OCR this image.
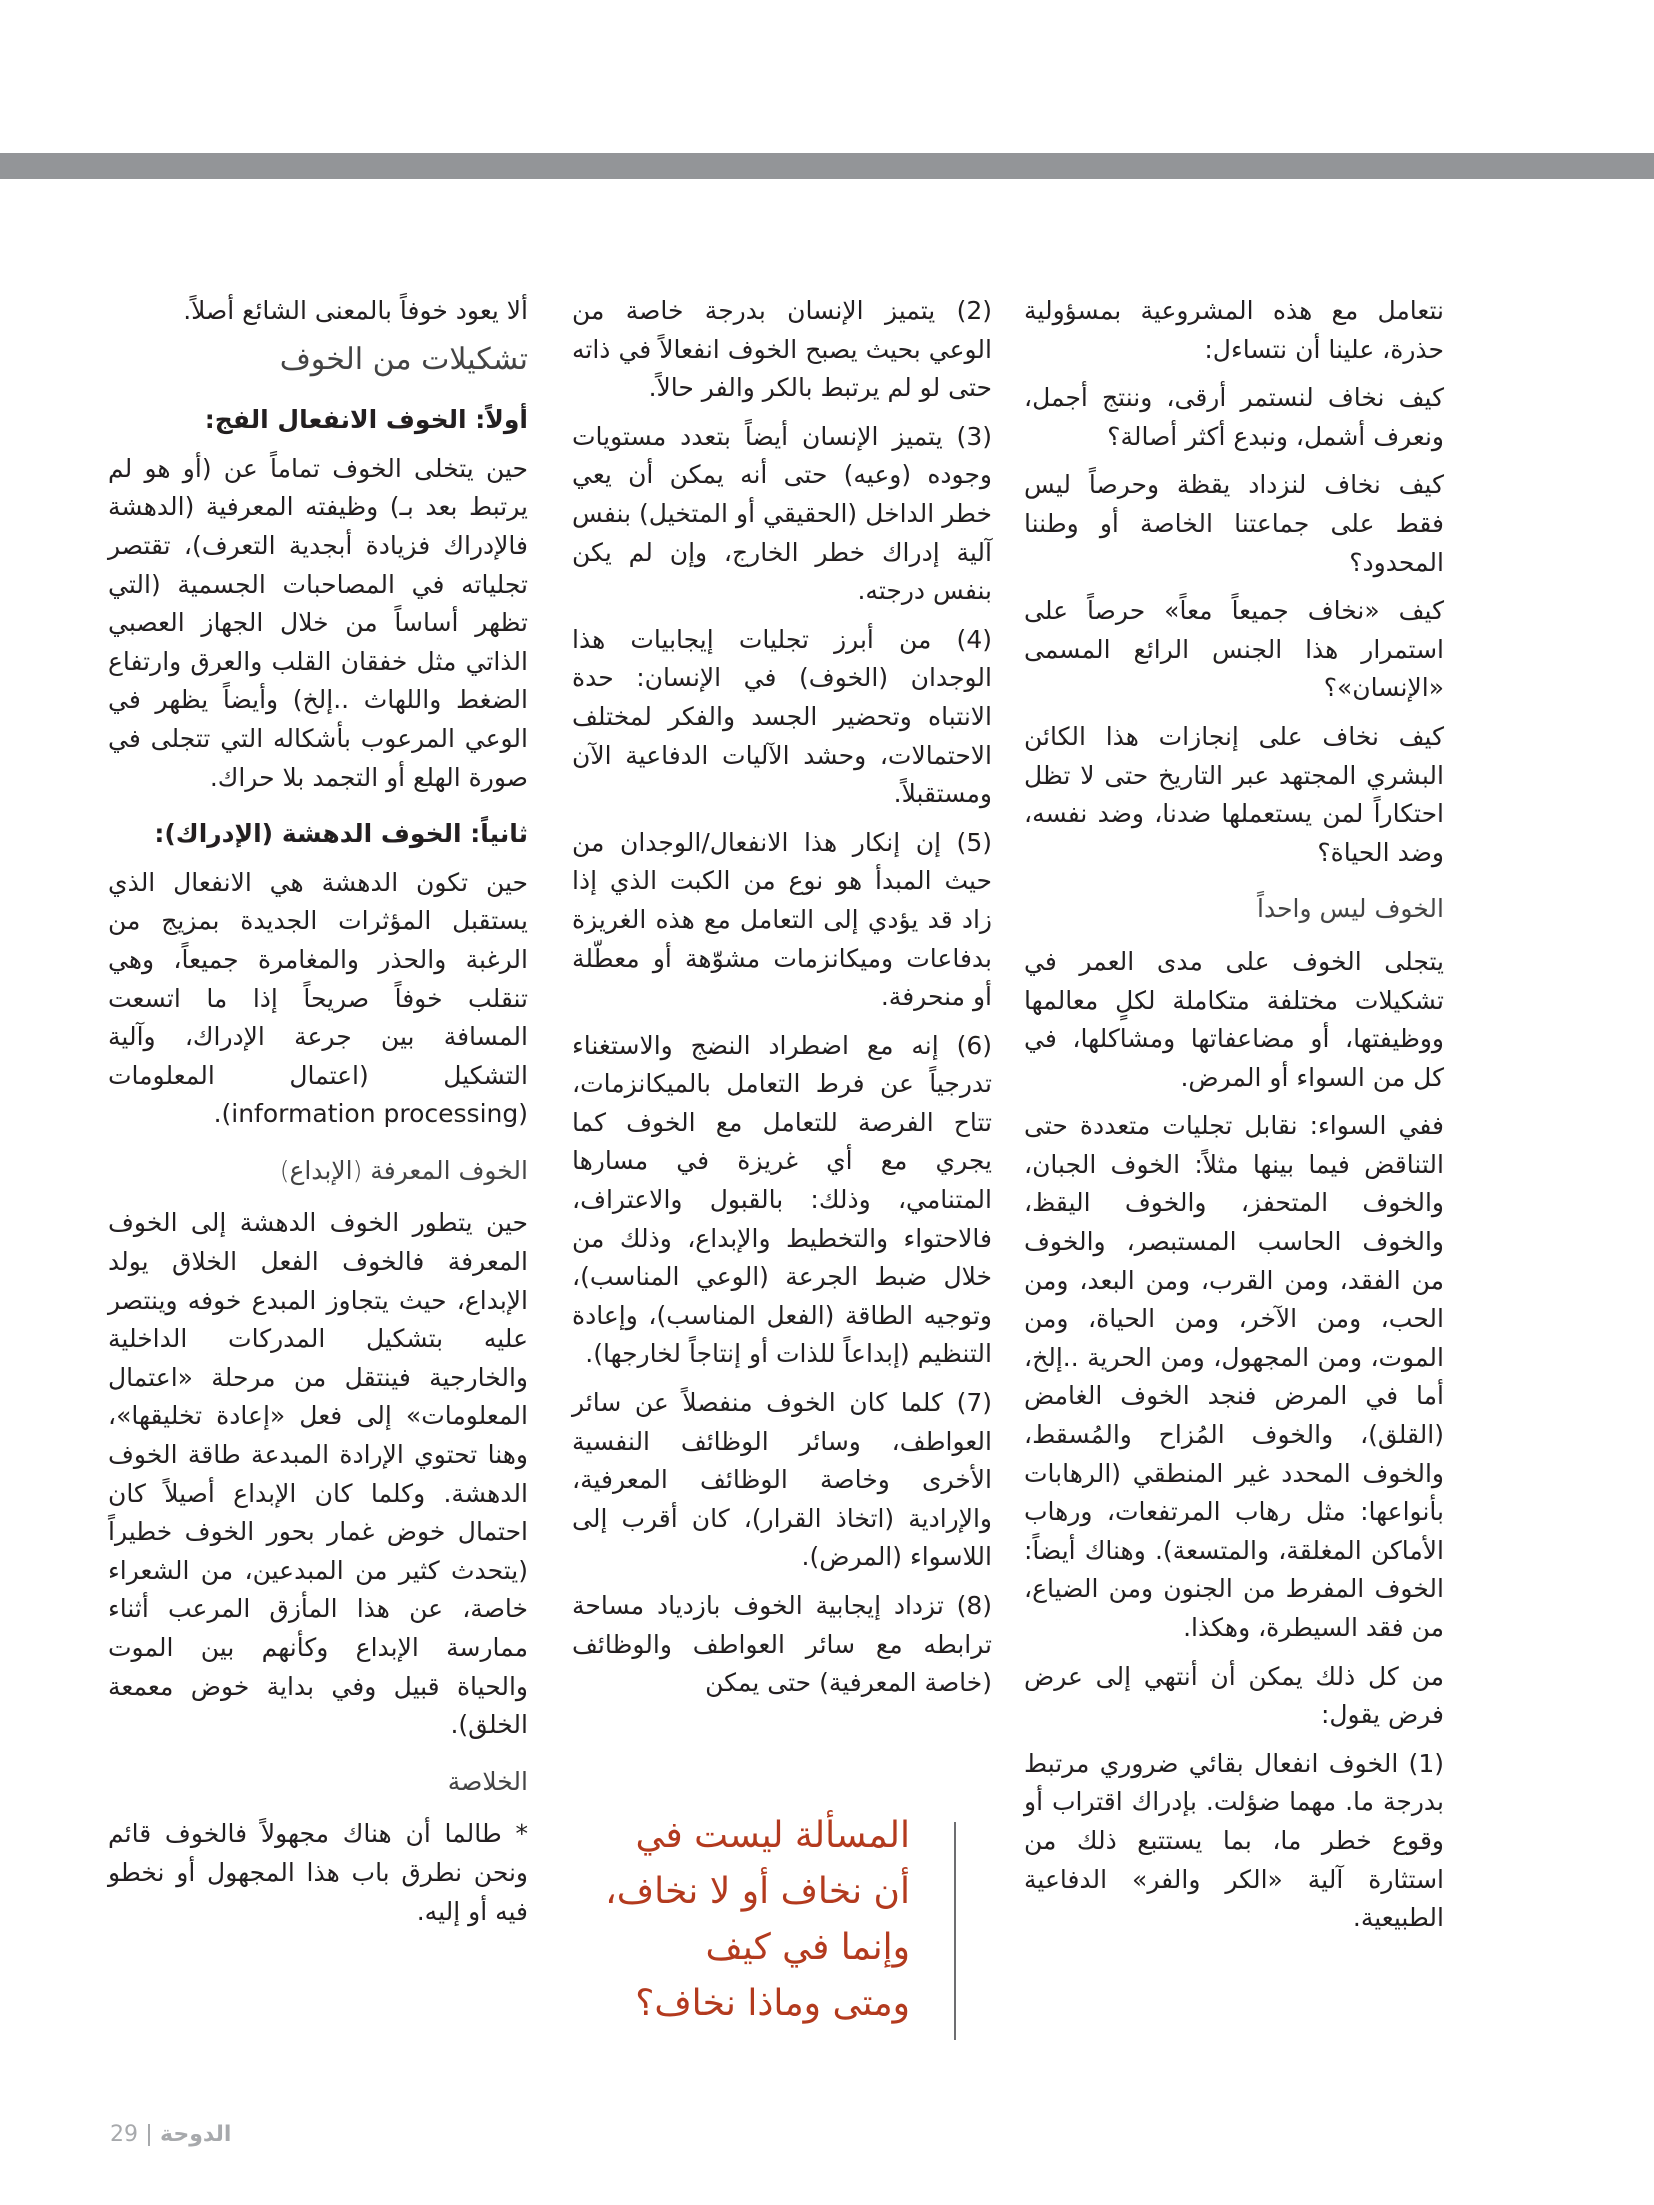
نتعامل مع هذه المشروعية بمسؤولية حذرة، علينا أن نتساءل:

كيف نخاف لنستمر أرقى، وننتج أجمل، ونعرف أشمل، ونبدع أكثر أصالة؟

كيف نخاف لنزداد يقظة وحرصاً ليس فقط على جماعتنا الخاصة أو وطننا المحدود؟

كيف «نخاف جميعاً معاً» حرصاً على استمرار هذا الجنس الرائع المسمى «الإنسان»؟

كيف نخاف على إنجازات هذا الكائن البشري المجتهد عبر التاريخ حتى لا تظل احتكاراً لمن يستعملها ضدنا، وضد نفسه، وضد الحياة؟

الخوف ليس واحداً

يتجلى الخوف على مدى العمر في تشكيلات مختلفة متكاملة لكلٍ معالمها ووظيفتها، أو مضاعفاتها ومشاكلها، في كل من السواء أو المرض.

ففي السواء: نقابل تجليات متعددة حتى التناقض فيما بينها مثلاً: الخوف الجبان، والخوف المتحفز، والخوف اليقظ، والخوف الحاسب المستبصر، والخوف من الفقد، ومن القرب، ومن البعد، ومن الحب، ومن الآخر، ومن الحياة، ومن الموت، ومن المجهول، ومن الحرية ..إلخ، أما في المرض فنجد الخوف الغامض (القلق)، والخوف المُزاح والمُسقط، والخوف المحدد غير المنطقي (الرهابات بأنواعها: مثل رهاب المرتفعات، ورهاب الأماكن المغلقة، والمتسعة). وهناك أيضاً: الخوف المفرط من الجنون ومن الضياع، من فقد السيطرة، وهكذا.

من كل ذلك يمكن أن أنتهي إلى عرض فرض يقول:

(1) الخوف انفعال بقائي ضروري مرتبط بدرجة ما. مهما ضؤلت. بإدراك اقتراب أو وقوع خطر ما، بما يستتبع ذلك من استثارة آلية «الكر والفر» الدفاعية الطبيعية.

(2) يتميز الإنسان بدرجة خاصة من الوعي بحيث يصبح الخوف انفعالاً في ذاته حتى لو لم يرتبط بالكر والفر حالاً.

(3) يتميز الإنسان أيضاً بتعدد مستويات وجوده (وعيه) حتى أنه يمكن أن يعي خطر الداخل (الحقيقي أو المتخيل) بنفس آلية إدراك خطر الخارج، وإن لم يكن بنفس درجته.

(4) من أبرز تجليات إيجابيات هذا الوجدان (الخوف) في الإنسان: حدة الانتباه وتحضير الجسد والفكر لمختلف الاحتمالات، وحشد الآليات الدفاعية الآن ومستقبلاً.

(5) إن إنكار هذا الانفعال/الوجدان من حيث المبدأ هو نوع من الكبت الذي إذا زاد قد يؤدي إلى التعامل مع هذه الغريزة بدفاعات وميكانزمات مشوّهة أو معطّلة أو منحرفة.

(6) إنه مع اضطراد النضج والاستغناء تدرجياً عن فرط التعامل بالميكانزمات، تتاح الفرصة للتعامل مع الخوف كما يجري مع أي غريزة في مسارها المتنامي، وذلك: بالقبول والاعتراف، فالاحتواء والتخطيط والإبداع، وذلك من خلال ضبط الجرعة (الوعي المناسب)، وتوجيه الطاقة (الفعل المناسب)، وإعادة التنظيم (إبداعاً للذات أو إنتاجاً لخارجها).

(7) كلما كان الخوف منفصلاً عن سائر العواطف، وسائر الوظائف النفسية الأخرى وخاصة الوظائف المعرفية، والإرادية (اتخاذ القرار)، كان أقرب إلى اللاسواء (المرض).

(8) تزداد إيجابية الخوف بازدياد مساحة ترابطه مع سائر العواطف والوظائف (خاصة المعرفية) حتى يمكن

ألا يعود خوفاً بالمعنى الشائع أصلاً.

تشكيلات من الخوف
أولاً: الخوف الانفعال الفج:

حين يتخلى الخوف تماماً عن (أو هو لم يرتبط بعد بـ) وظيفته المعرفية (الدهشة فالإدراك فزيادة أبجدية التعرف)، تقتصر تجلياته في المصاحبات الجسمية (التي تظهر أساساً من خلال الجهاز العصبي الذاتي مثل خفقان القلب والعرق وارتفاع الضغط واللهاث ..إلخ) وأيضاً يظهر في الوعي المرعوب بأشكاله التي تتجلى في صورة الهلع أو التجمد بلا حراك.

ثانياً: الخوف الدهشة (الإدراك):

حين تكون الدهشة هي الانفعال الذي يستقبل المؤثرات الجديدة بمزيج من الرغبة والحذر والمغامرة جميعاً، وهي تنقلب خوفاً صريحاً إذا ما اتسعت المسافة بين جرعة الإدراك، وآلية التشكيل (اعتمال المعلومات (information processing).

الخوف المعرفة (الإبداع)

حين يتطور الخوف الدهشة إلى الخوف المعرفة فالخوف الفعل الخلاق يولد الإبداع، حيث يتجاوز المبدع خوفه وينتصر عليه بتشكيل المدركات الداخلية والخارجية فينتقل من مرحلة «اعتمال المعلومات» إلى فعل «إعادة تخليقها»، وهنا تحتوي الإرادة المبدعة طاقة الخوف الدهشة. وكلما كان الإبداع أصيلاً كان احتمال خوض غمار بحور الخوف خطيراً (يتحدث كثير من المبدعين، من الشعراء خاصة، عن هذا المأزق المرعب أثناء ممارسة الإبداع وكأنهم بين الموت والحياة قبيل وفي بداية خوض معمعة الخلق).

الخلاصة

* طالما أن هناك مجهولاً فالخوف قائم ونحن نطرق باب هذا المجهول أو نخطو فيه أو إليه.

المسألة ليست في
أن نخاف أو لا نخاف،
وإنما في كيف
ومتى وماذا نخاف؟
29 الدوحة
